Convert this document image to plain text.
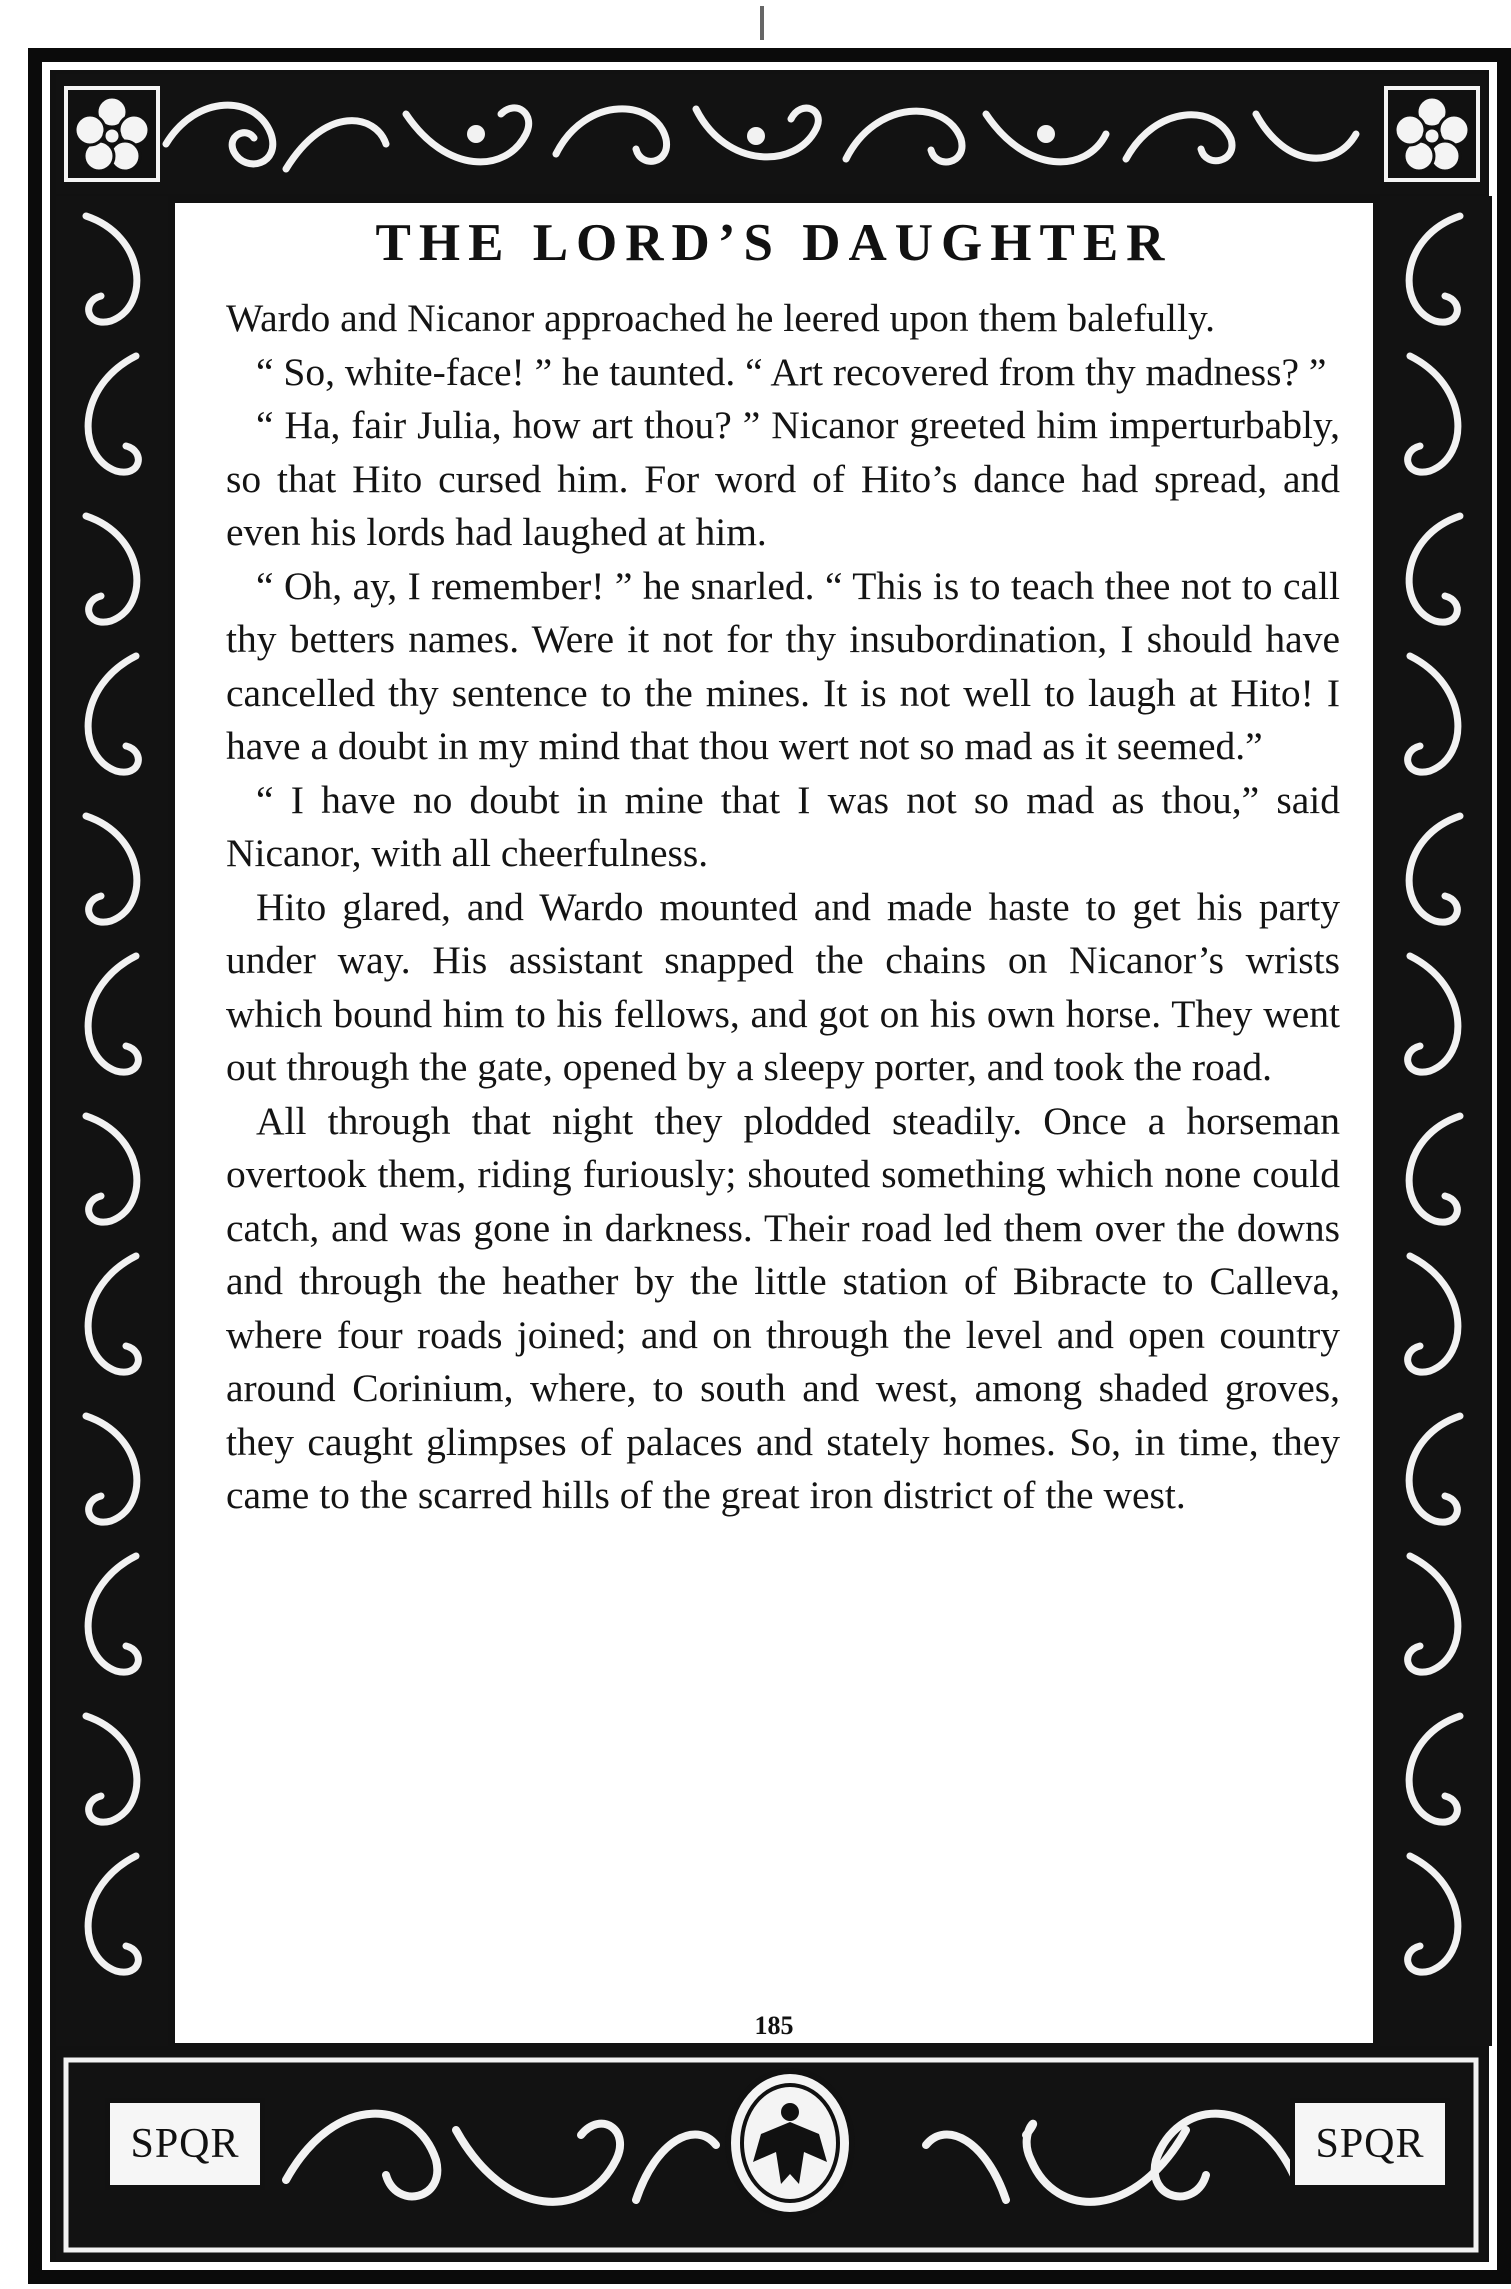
SPQR	SPQR
THE LORD’S DAUGHTER

Wardo and Nicanor approached he leered upon them balefully.

“ So, white-face! ” he taunted. “ Art recovered from thy madness? ”

“ Ha, fair Julia, how art thou? ” Nicanor greeted him imperturbably, so that Hito cursed him. For word of Hito’s dance had spread, and even his lords had laughed at him.

“ Oh, ay, I remember! ” he snarled. “ This is to teach thee not to call thy betters names. Were it not for thy insubordination, I should have cancelled thy sentence to the mines. It is not well to laugh at Hito! I have a doubt in my mind that thou wert not so mad as it seemed.”

“ I have no doubt in mine that I was not so mad as thou,” said Nicanor, with all cheerfulness.

Hito glared, and Wardo mounted and made haste to get his party under way. His assistant snapped the chains on Nicanor’s wrists which bound him to his fellows, and got on his own horse. They went out through the gate, opened by a sleepy porter, and took the road.

All through that night they plodded steadily. Once a horseman overtook them, riding furiously; shouted something which none could catch, and was gone in darkness. Their road led them over the downs and through the heather by the little station of Bibracte to Calleva, where four roads joined; and on through the level and open country around Corinium, where, to south and west, among shaded groves, they caught glimpses of palaces and stately homes. So, in time, they came to the scarred hills of the great iron district of the west.

185
